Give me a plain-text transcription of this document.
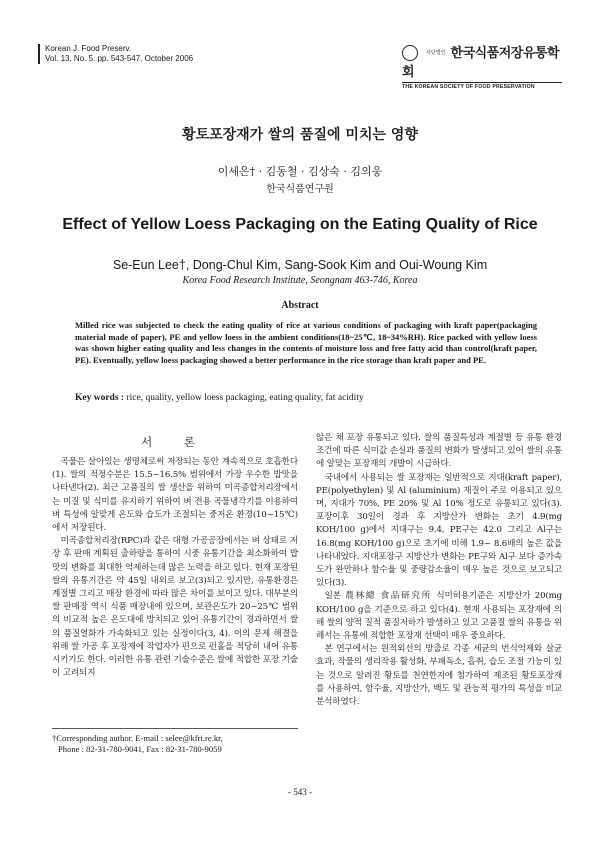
Korean J. Food Preserv.
Vol. 13, No. 5. pp. 543-547, October 2006
사단법인 한국식품저장유통학회
THE KOREAN SOCIETY OF FOOD PRESERVATION
황토포장재가 쌀의 품질에 미치는 영향
이세은† · 김동철 · 김상숙 · 김의웅
한국식품연구원
Effect of Yellow Loess Packaging on the Eating Quality of Rice
Se-Eun Lee†, Dong-Chul Kim, Sang-Sook Kim and Oui-Woung Kim
Korea Food Research Institute, Seongnam 463-746, Korea
Abstract
Milled rice was subjected to check the eating quality of rice at various conditions of packaging with kraft paper(packaging material made of paper), PE and yellow loess in the ambient conditions(18~25℃, 18~34%RH). Rice packed with yellow loess was shown higher eating quality and less changes in the contents of moisture loss and free fatty acid than control(kraft paper, PE). Eventually, yellow loess packaging showed a better performance in the rice storage than kraft paper and PE.
Key words : rice, quality, yellow loess packaging, eating quality, fat acidity
서 론

곡물은 살아있는 생명체로써 저장되는 동안 계속적으로 호흡한다(1). 쌀의 적정수분은 15.5~16.5% 범위에서 가장 우수한 밥맛을 나타낸다(2). 최근 고품질의 쌀 생산을 위하여 미곡종합처리장에서는 미질 및 식미를 유지하기 위하여 벼 전용 곡물냉각기를 이용하여 벼 특성에 알맞게 온도와 습도가 조절되는 중저온 환경(10~15℃)에서 저장된다.

미곡종합처리장(RPC)과 같은 대형 가공공장에서는 벼 상태로 저장 후 판매 계획된 출하량을 통하여 시중 유통기간을 최소화하여 밥맛의 변화를 최대한 억제하는데 많은 노력을 하고 있다. 현재 포장된 쌀의 유통기간은 약 45일 내외로 보고(3)되고 있지만, 유통환경은 계절별 그리고 매장 환경에 따라 많은 차이를 보이고 있다. 대부분의 쌀 판매장 역시 식품 매장내에 있으며, 보관온도가 20~25℃ 범위의 비교적 높은 온도대에 방치되고 있어 유통기간이 경과하면서 쌀의 품질열화가 가속화되고 있는 실정이다(3, 4). 이의 문제 해결을 위해 쌀 가공 후 포장재에 작업자가 편으로 펀홀을 적당히 내어 유통시키기도 한다. 이러한 유통 관련 기술수준은 쌀에 적합한 포장 기술이 고려되지

않은 채 포장 유통되고 있다. 쌀의 품질특성과 계절별 등 유통 환경조건에 따른 식미값 손실과 품질의 변화가 발생되고 있어 쌀의 유통에 알맞는 포장재의 개발이 시급하다.

국내에서 사용되는 쌀 포장재는 일반적으로 지대(kraft paper), PE(polyethylen) 및 Al (aluminium) 재질이 주로 이용되고 있으며, 지대가 70%, PE 20% 및 Al 10% 정도로 유통되고 있다(3). 포장이후 30일이 경과 후 지방산가 변화는 초기 4.9(mg KOH/100 g)에서 지대구는 9.4, PE구는 42.0 그리고 Al구는 16.8(mg KOH/100 g)으로 초기에 비해 1.9~ 8.6배의 높은 값을 나타내었다. 지대포장구 지방산가 변화는 PE구와 Al구 보다 증가속도가 완만하나 함수율 및 중량감소율이 매우 높은 것으로 보고되고 있다(3).

일본 農林總 食品研究所 식미허용기준은 지방산가 20(mg KOH/100 g을 기준으로 하고 있다(4). 현재 사용되는 포장재에 의해 쌀의 양적 질적 품질저하가 발생하고 있고 고품질 쌀의 유통을 위해서는 유통에 적합한 포장재 선택이 매우 중요하다.

본 연구에서는 원적외선의 방출로 각종 세균의 번식억제와 살균효과, 작물의 생리작용 활성화, 부패독소, 흡취, 습도 조절 기능이 있는 것으로 알려진 황토를 천연한지에 첨가하여 제조된 황토포장재를 사용하여, 함수율, 지방산가, 백도 및 관능적 평가의 특성을 비교 분석하였다.

†Corresponding author. E-mail : selee@kfri.re.kr,
Phone : 82-31-780-9041, Fax : 82-31-780-9059
- 543 -
